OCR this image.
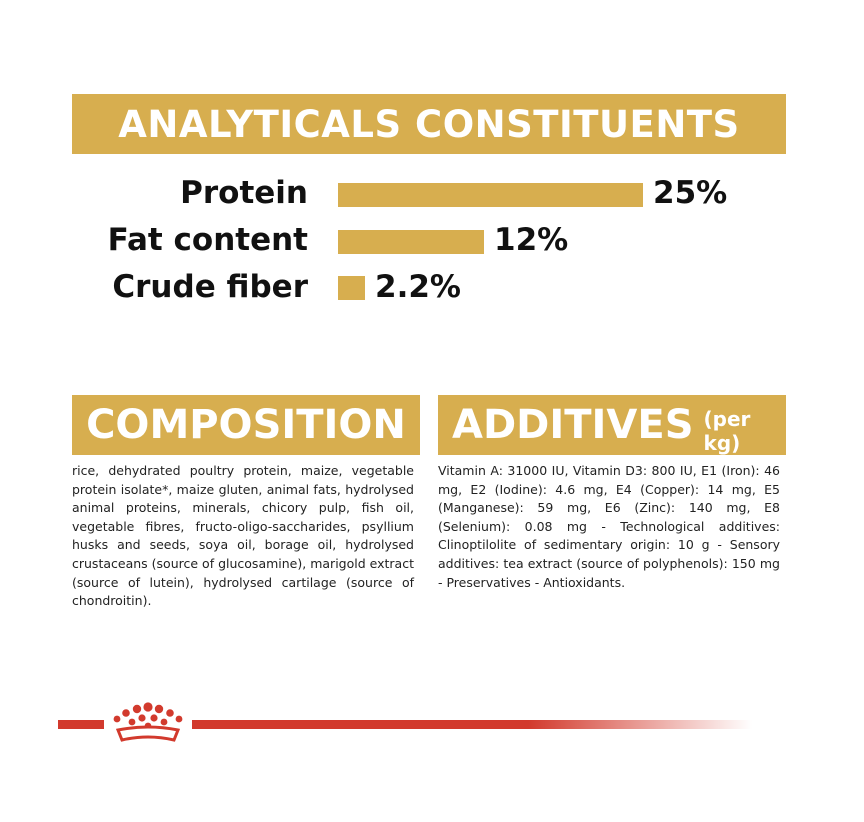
ANALYTICALS CONSTITUENTS
Protein	25%
Fat content	12%
Crude fiber 2.2%
COMPOSITION

rice, dehydrated poultry protein, maize, vegetable protein isolate*, maize gluten, animal fats, hydrolysed animal proteins, minerals, chicory pulp, fish oil, vegetable fibres, fructo-oligo-saccharides, psyllium husks and seeds, soya oil, borage oil, hydrolysed crustaceans (source of glucosamine), marigold extract (source of lutein), hydrolysed cartilage (source of chondroitin).

ADDITIVES (per kg)

Vitamin A: 31000 IU, Vitamin D3: 800 IU, E1 (Iron): 46 mg, E2 (Iodine): 4.6 mg, E4 (Copper): 14 mg, E5 (Manganese): 59 mg, E6 (Zinc): 140 mg, E8 (Selenium): 0.08 mg - Technological additives: Clinoptilolite of sedimentary origin: 10 g - Sensory additives: tea extract (source of polyphenols): 150 mg - Preservatives - Antioxidants.
